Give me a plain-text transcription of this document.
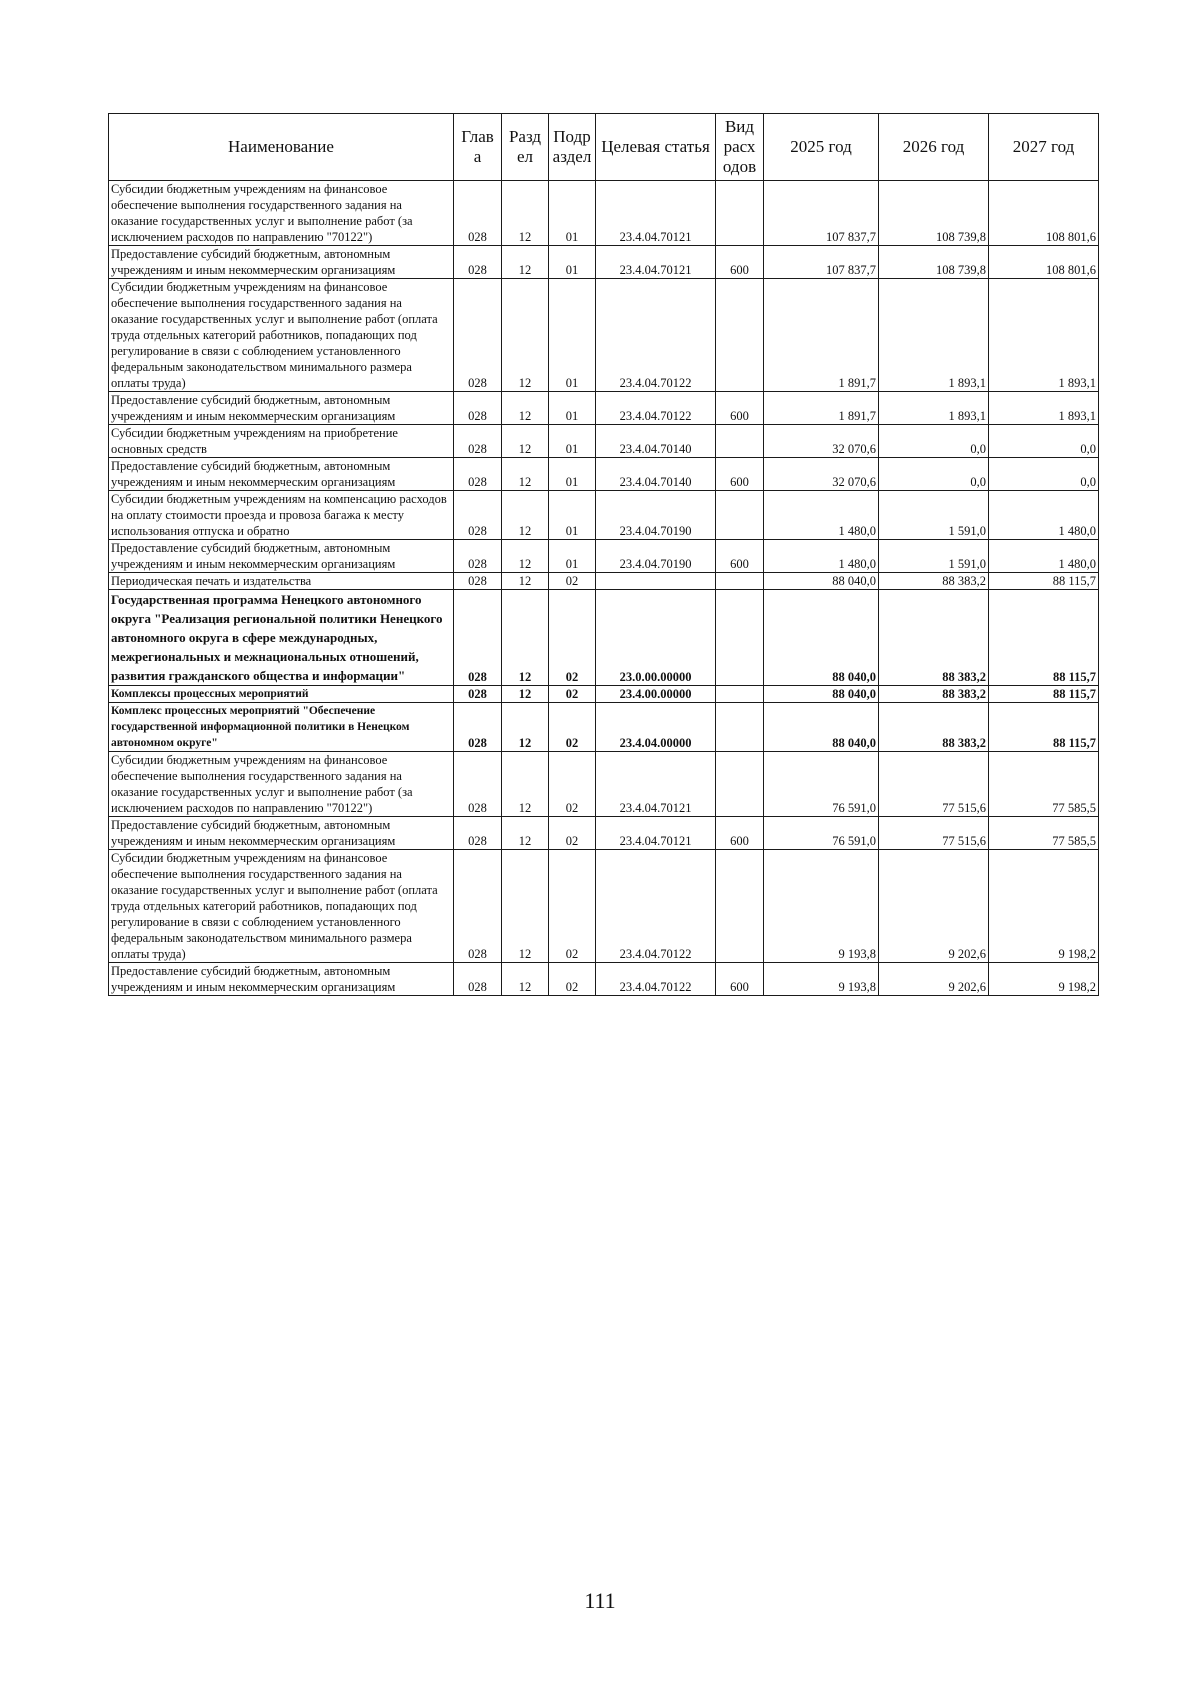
Наименование	Глав а	Разд ел	Подр аздел	Целевая статья	Вид расх одов	2025 год	2026 год	2027 год
Субсидии бюджетным учреждениям на финансовое обеспечение выполнения государственного задания на оказание государственных услуг и выполнение работ (за исключением расходов по направлению "70122")	028	12	01	23.4.04.70121		107 837,7	108 739,8	108 801,6
Предоставление субсидий бюджетным, автономным учреждениям и иным некоммерческим организациям	028	12	01	23.4.04.70121	600	107 837,7	108 739,8	108 801,6
Субсидии бюджетным учреждениям на финансовое обеспечение выполнения государственного задания на оказание государственных услуг и выполнение работ (оплата труда отдельных категорий работников, попадающих под регулирование в связи с соблюдением установленного федеральным законодательством минимального размера оплаты труда)	028	12	01	23.4.04.70122		1 891,7	1 893,1	1 893,1
Предоставление субсидий бюджетным, автономным учреждениям и иным некоммерческим организациям	028	12	01	23.4.04.70122	600	1 891,7	1 893,1	1 893,1
Субсидии бюджетным учреждениям на приобретение основных средств	028	12	01	23.4.04.70140		32 070,6	0,0	0,0
Предоставление субсидий бюджетным, автономным учреждениям и иным некоммерческим организациям	028	12	01	23.4.04.70140	600	32 070,6	0,0	0,0
Субсидии бюджетным учреждениям на компенсацию расходов на оплату стоимости проезда и провоза багажа к месту использования отпуска и обратно	028	12	01	23.4.04.70190		1 480,0	1 591,0	1 480,0
Предоставление субсидий бюджетным, автономным учреждениям и иным некоммерческим организациям	028	12	01	23.4.04.70190	600	1 480,0	1 591,0	1 480,0
Периодическая печать и издательства	028	12	02			88 040,0	88 383,2	88 115,7
Государственная программа Ненецкого автономного округа "Реализация региональной политики Ненецкого автономного округа в сфере международных, межрегиональных и межнациональных отношений, развития гражданского общества и информации"	028	12	02	23.0.00.00000		88 040,0	88 383,2	88 115,7
Комплексы процессных мероприятий	028	12	02	23.4.00.00000		88 040,0	88 383,2	88 115,7
Комплекс процессных мероприятий "Обеспечение государственной информационной политики в Ненецком автономном округе"	028	12	02	23.4.04.00000		88 040,0	88 383,2	88 115,7
Субсидии бюджетным учреждениям на финансовое обеспечение выполнения государственного задания на оказание государственных услуг и выполнение работ (за исключением расходов по направлению "70122")	028	12	02	23.4.04.70121		76 591,0	77 515,6	77 585,5
Предоставление субсидий бюджетным, автономным учреждениям и иным некоммерческим организациям	028	12	02	23.4.04.70121	600	76 591,0	77 515,6	77 585,5
Субсидии бюджетным учреждениям на финансовое обеспечение выполнения государственного задания на оказание государственных услуг и выполнение работ (оплата труда отдельных категорий работников, попадающих под регулирование в связи с соблюдением установленного федеральным законодательством минимального размера оплаты труда)	028	12	02	23.4.04.70122		9 193,8	9 202,6	9 198,2
Предоставление субсидий бюджетным, автономным учреждениям и иным некоммерческим организациям	028	12	02	23.4.04.70122	600	9 193,8	9 202,6	9 198,2
111
